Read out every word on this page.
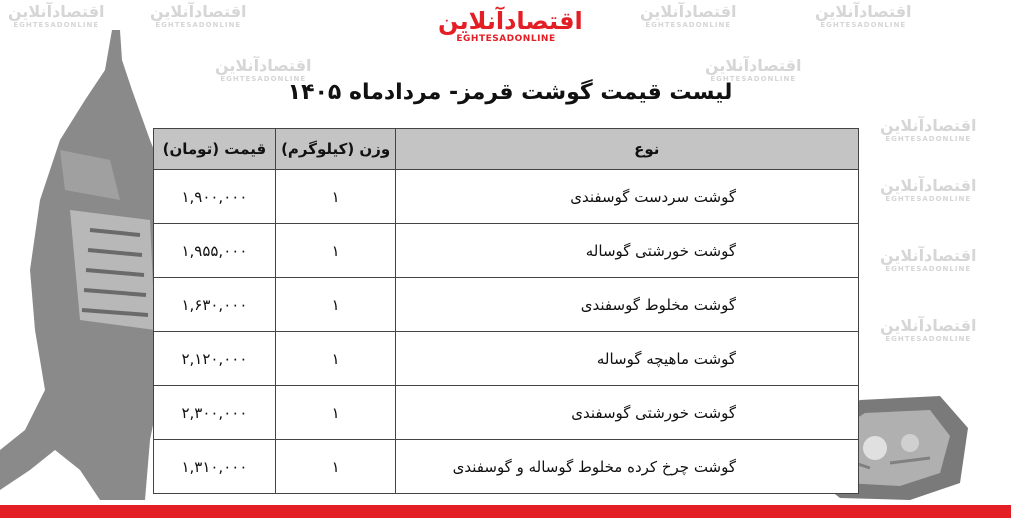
اقتصادآنلاین
EGHTESADONLINE
اقتصادآنلاین
EGHTESADONLINE
اقتصادآنلاین
EGHTESADONLINE
اقتصادآنلاین
EGHTESADONLINE
اقتصادآنلاین
EGHTESADONLINE
اقتصادآنلاین
EGHTESADONLINE
اقتصادآنلاین
EGHTESADONLINE
اقتصادآنلاین
EGHTESADONLINE
اقتصادآنلاین
EGHTESADONLINE
اقتصادآنلاین
EGHTESADONLINE
اقتصادآنلاین
EGHTESADONLINE
لیست قیمت گوشت قرمز- مردادماه ۱۴۰۵
نوع	وزن (کیلوگرم)	قیمت (تومان)
گوشت سردست گوسفندی	۱	۱,۹۰۰,۰۰۰
گوشت خورشتی گوساله	۱	۱,۹۵۵,۰۰۰
گوشت مخلوط گوسفندی	۱	۱,۶۳۰,۰۰۰
گوشت ماهیچه گوساله	۱	۲,۱۲۰,۰۰۰
گوشت خورشتی گوسفندی	۱	۲,۳۰۰,۰۰۰
گوشت چرخ کرده مخلوط گوساله و گوسفندی	۱	۱,۳۱۰,۰۰۰
